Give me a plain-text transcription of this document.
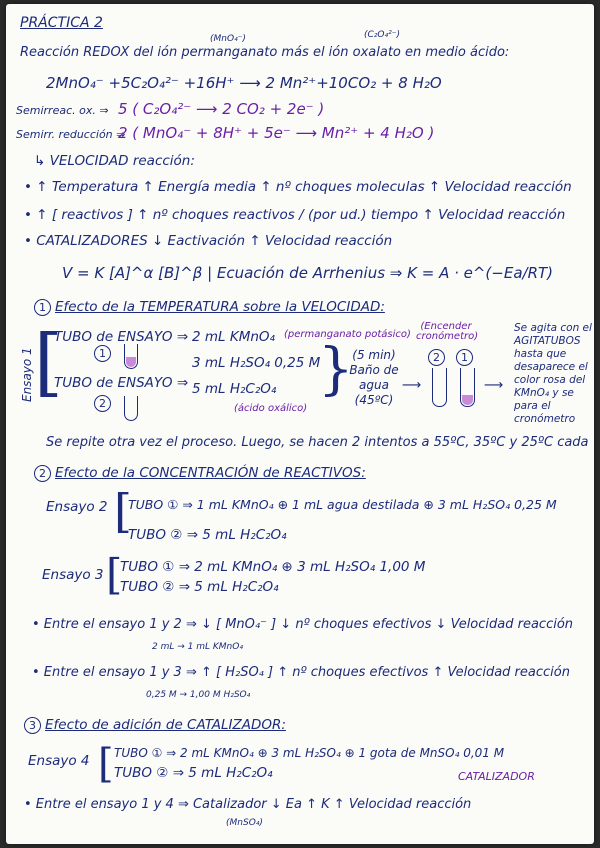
PRÁCTICA 2
(MnO₄⁻)	(C₂O₄²⁻)
Reacción REDOX del ión permanganato más el ión oxalato en medio ácido:
2MnO₄⁻ +5C₂O₄²⁻ +16H⁺ ⟶ 2 Mn²⁺+10CO₂ + 8 H₂O
Semirreac. ox. ⇒ 5 ( C₂O₄²⁻ ⟶ 2 CO₂ + 2e⁻ )
Semirr. reducción ⇒
2 ( MnO₄⁻ + 8H⁺ + 5e⁻ ⟶ Mn²⁺ + 4 H₂O )
↳ VELOCIDAD reacción:
• ↑ Temperatura ↑ Energía media ↑ nº choques moleculas ↑ Velocidad reacción
• ↑ [ reactivos ] ↑ nº choques reactivos / (por ud.) tiempo ↑ Velocidad reacción
• CATALIZADORES ↓ Eactivación ↑ Velocidad reacción
V = K [A]^α [B]^β | Ecuación de Arrhenius ⇒ K = A · e^(−Ea/RT)
1 Efecto de la TEMPERATURA sobre la VELOCIDAD:
Ensayo 1 [
TUBO de ENSAYO ⇒ 2 mL KMnO₄ (permanganato potásico)
1
3 mL H₂SO₄ 0,25 M
TUBO de ENSAYO ⇒ 5 mL H₂C₂O₄
(ácido oxálico)
2
}
(5 min) Baño de agua (45ºC)
⟶
(Encender cronómetro)
2	1
⟶
Se agita con el AGITATUBOS hasta que desaparece el color rosa del KMnO₄ y se para el cronómetro
Se repite otra vez el proceso. Luego, se hacen 2 intentos a 55ºC, 35ºC y 25ºC cada
2 Efecto de la CONCENTRACIÓN de REACTIVOS:
Ensayo 2 [
TUBO ① ⇒ 1 mL KMnO₄ ⊕ 1 mL agua destilada ⊕ 3 mL H₂SO₄ 0,25 M
TUBO ② ⇒ 5 mL H₂C₂O₄
Ensayo 3 [
TUBO ① ⇒ 2 mL KMnO₄ ⊕ 3 mL H₂SO₄ 1,00 M
TUBO ② ⇒ 5 mL H₂C₂O₄
• Entre el ensayo 1 y 2 ⇒ ↓ [ MnO₄⁻ ] ↓ nº choques efectivos ↓ Velocidad reacción
2 mL → 1 mL KMnO₄
• Entre el ensayo 1 y 3 ⇒ ↑ [ H₂SO₄ ] ↑ nº choques efectivos ↑ Velocidad reacción
0,25 M → 1,00 M H₂SO₄
3 Efecto de adición de CATALIZADOR:
Ensayo 4 [ TUBO ① ⇒ 2 mL KMnO₄ ⊕ 3 mL H₂SO₄ ⊕ 1 gota de MnSO₄ 0,01 M
TUBO ② ⇒ 5 mL H₂C₂O₄	CATALIZADOR
• Entre el ensayo 1 y 4 ⇒ Catalizador ↓ Ea ↑ K ↑ Velocidad reacción
(MnSO₄)
